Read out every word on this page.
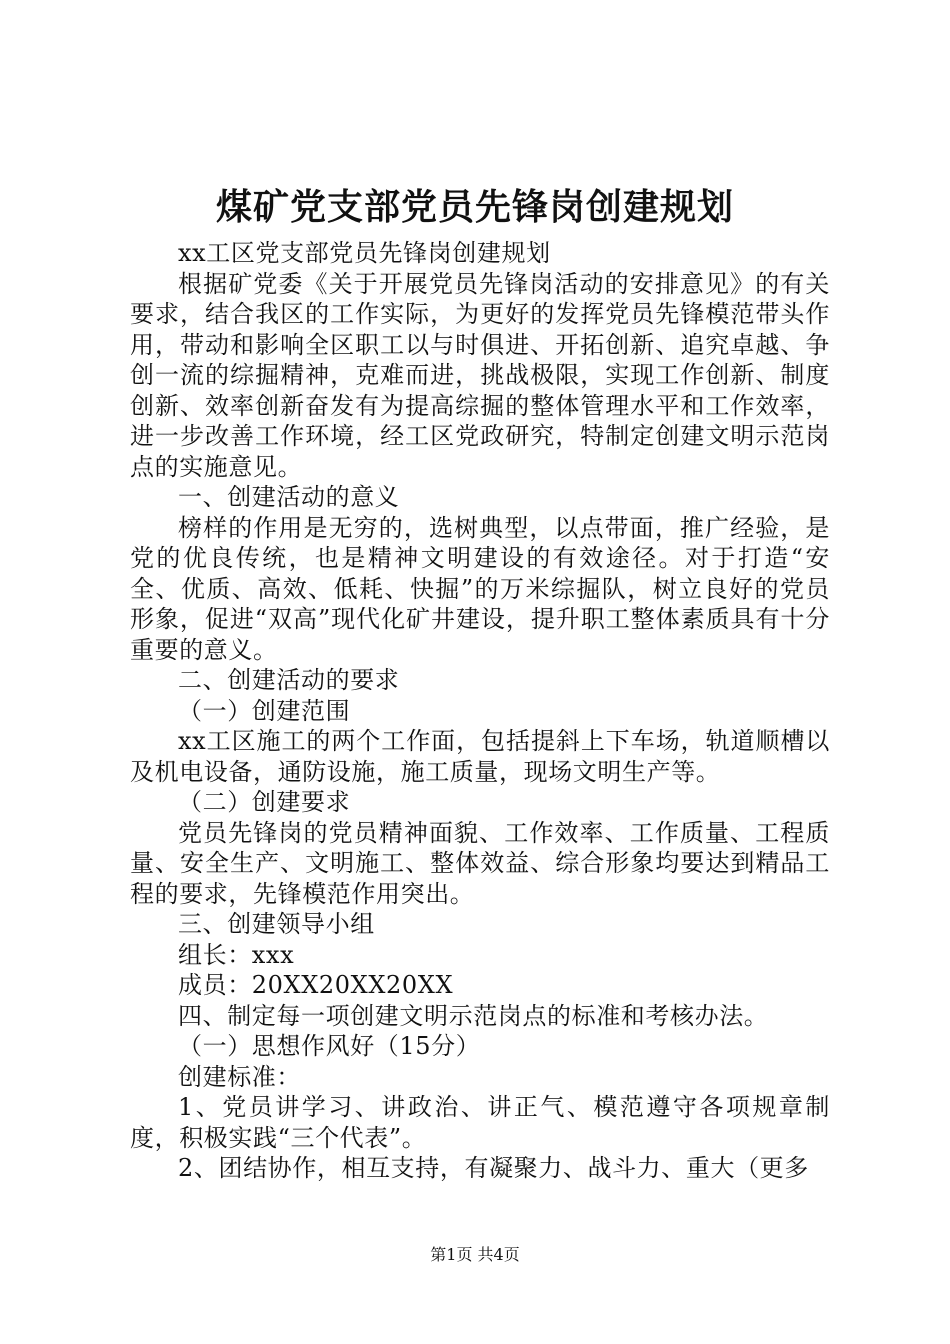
煤矿党支部党员先锋岗创建规划

xx工区党支部党员先锋岗创建规划

根据矿党委《关于开展党员先锋岗活动的安排意见》的有关要求，结合我区的工作实际，为更好的发挥党员先锋模范带头作用，带动和影响全区职工以与时俱进、开拓创新、追究卓越、争创一流的综掘精神，克难而进，挑战极限，实现工作创新、制度创新、效率创新奋发有为提高综掘的整体管理水平和工作效率，进一步改善工作环境，经工区党政研究，特制定创建文明示范岗点的实施意见。

一、创建活动的意义

榜样的作用是无穷的，选树典型，以点带面，推广经验，是党的优良传统，也是精神文明建设的有效途径。对于打造“安全、优质、高效、低耗、快掘”的万米综掘队，树立良好的党员形象，促进“双高”现代化矿井建设，提升职工整体素质具有十分重要的意义。

二、创建活动的要求

（一）创建范围

xx工区施工的两个工作面，包括提斜上下车场，轨道顺槽以及机电设备，通防设施，施工质量，现场文明生产等。

（二）创建要求

党员先锋岗的党员精神面貌、工作效率、工作质量、工程质量、安全生产、文明施工、整体效益、综合形象均要达到精品工程的要求，先锋模范作用突出。

三、创建领导小组

组长：xxx

成员：20XX20XX20XX

四、制定每一项创建文明示范岗点的标准和考核办法。

（一）思想作风好（15分）

创建标准：

1、党员讲学习、讲政治、讲正气、模范遵守各项规章制度，积极实践“三个代表”。

2、团结协作，相互支持，有凝聚力、战斗力、重大（更多

第1页 共4页
